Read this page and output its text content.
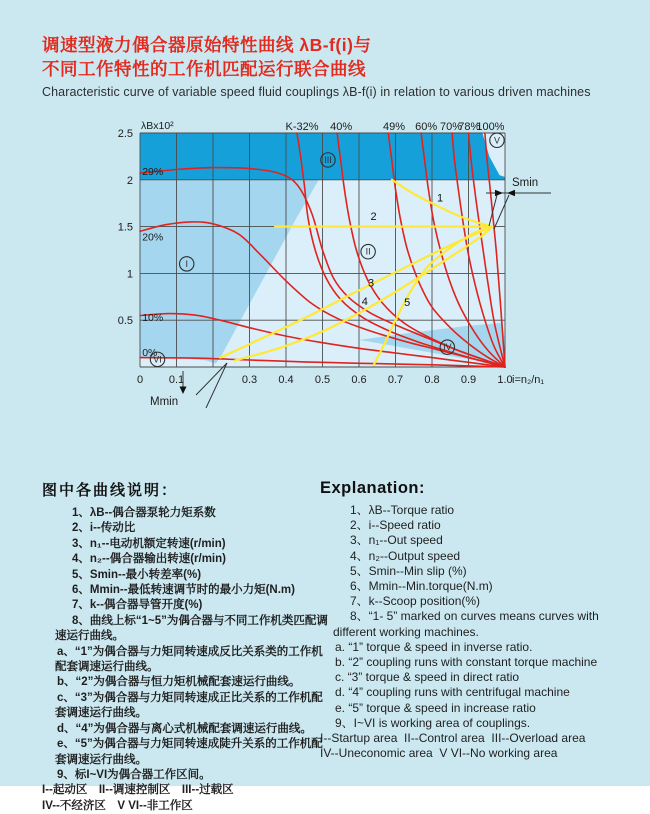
调速型液力偶合器原始特性曲线 λB-f(i)与
不同工作特性的工作机匹配运行联合曲线
Characteristic curve of variable speed fluid couplings λB-f(i) in relation to various driven machines
0 0.1	0.3 0.4 0.5 0.6 0.7 0.8 0.9 1.0
2.5
2
1.5
1
0.5
i=n₂/n₁
λBx10²	K-32% 40%	49% 60% 70%
78%
100%
29%
20%
10%
0%
1
2
3
4	5
I
II
III
IV
V
VI
Smin
Mmin
图中各曲线说明：
1、λB--偶合器泵轮力矩系数
2、i--传动比
3、n₁--电动机额定转速(r/min)
4、n₂--偶合器输出转速(r/min)
5、Smin--最小转差率(%)
6、Mmin--最低转速调节时的最小力矩(N.m)
7、k--偶合器导管开度(%)
8、曲线上标“1~5”为偶合器与不同工作机类匹配调速运行曲线。
a、“1”为偶合器与力矩同转速成反比关系类的工作机配套调速运行曲线。
b、“2”为偶合器与恒力矩机械配套速运行曲线。
c、“3”为偶合器与力矩同转速成正比关系的工作机配套调速运行曲线。
d、“4”为偶合器与离心式机械配套调速运行曲线。
e、“5”为偶合器与力矩同转速成陡升关系的工作机配套调速运行曲线。
9、标I~VI为偶合器工作区间。
I--起动区　II--调速控制区　III--过载区
IV--不经济区　V VI--非工作区
Explanation:
1、λB--Torque ratio
2、i--Speed ratio
3、n₁--Out speed
4、n₂--Output speed
5、Smin--Min slip (%)
6、Mmin--Min.torque(N.m)
7、k--Scoop position(%)
8、“1- 5” marked on curves means curves with different working machines.
a. “1” torque & speed in inverse ratio.
b. “2” coupling runs with constant torque machine
c. “3” torque & speed in direct ratio
d. “4” coupling runs with centrifugal machine
e. “5” torque & speed in increase ratio
9、I~VI is working area of couplings.
I--Startup area  II--Control area  III--Overload area
IV--Uneconomic area  V VI--No working area
